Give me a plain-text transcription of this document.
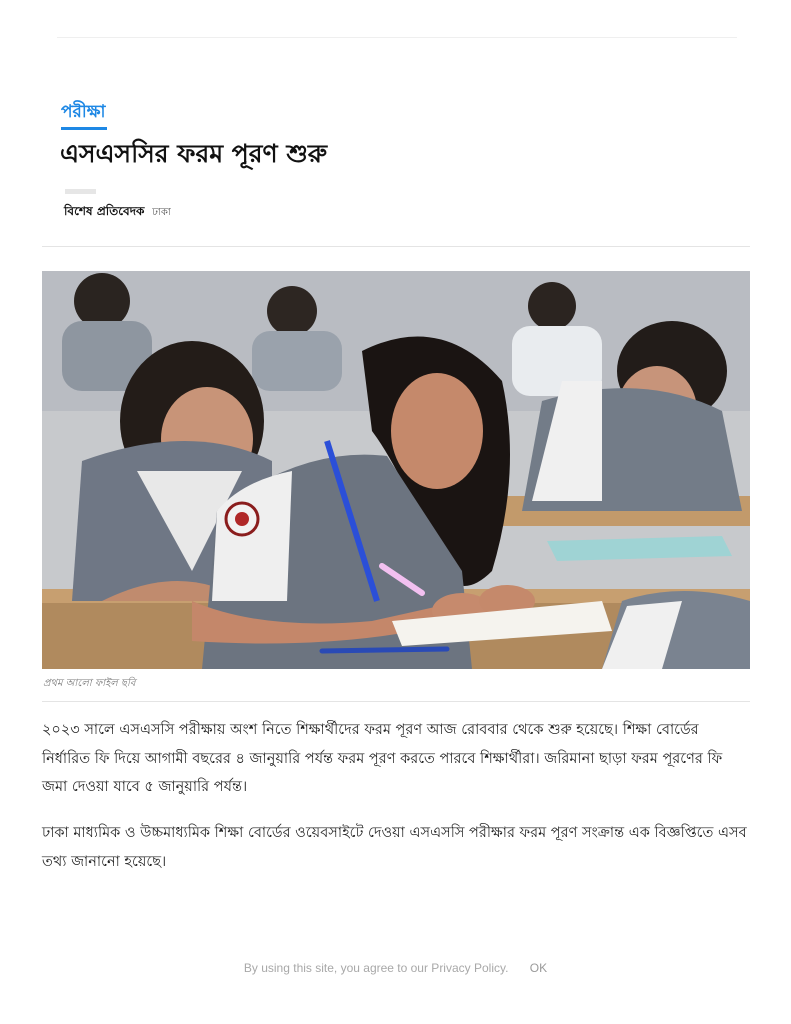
পরীক্ষা
এসএসসির ফরম পূরণ শুরু
বিশেষ প্রতিবেদক ঢাকা
প্রথম আলো ফাইল ছবি

২০২৩ সালে এসএসসি পরীক্ষায় অংশ নিতে শিক্ষার্থীদের ফরম পূরণ আজ রোববার থেকে শুরু হয়েছে। শিক্ষা বোর্ডের নির্ধারিত ফি দিয়ে আগামী বছরের ৪ জানুয়ারি পর্যন্ত ফরম পূরণ করতে পারবে শিক্ষার্থীরা। জরিমানা ছাড়া ফরম পূরণের ফি জমা দেওয়া যাবে ৫ জানুয়ারি পর্যন্ত।

ঢাকা মাধ্যমিক ও উচ্চমাধ্যমিক শিক্ষা বোর্ডের ওয়েবসাইটে দেওয়া এসএসসি পরীক্ষার ফরম পূরণ সংক্রান্ত এক বিজ্ঞপ্তিতে এসব তথ্য জানানো হয়েছে।

By using this site, you agree to our Privacy Policy. OK
